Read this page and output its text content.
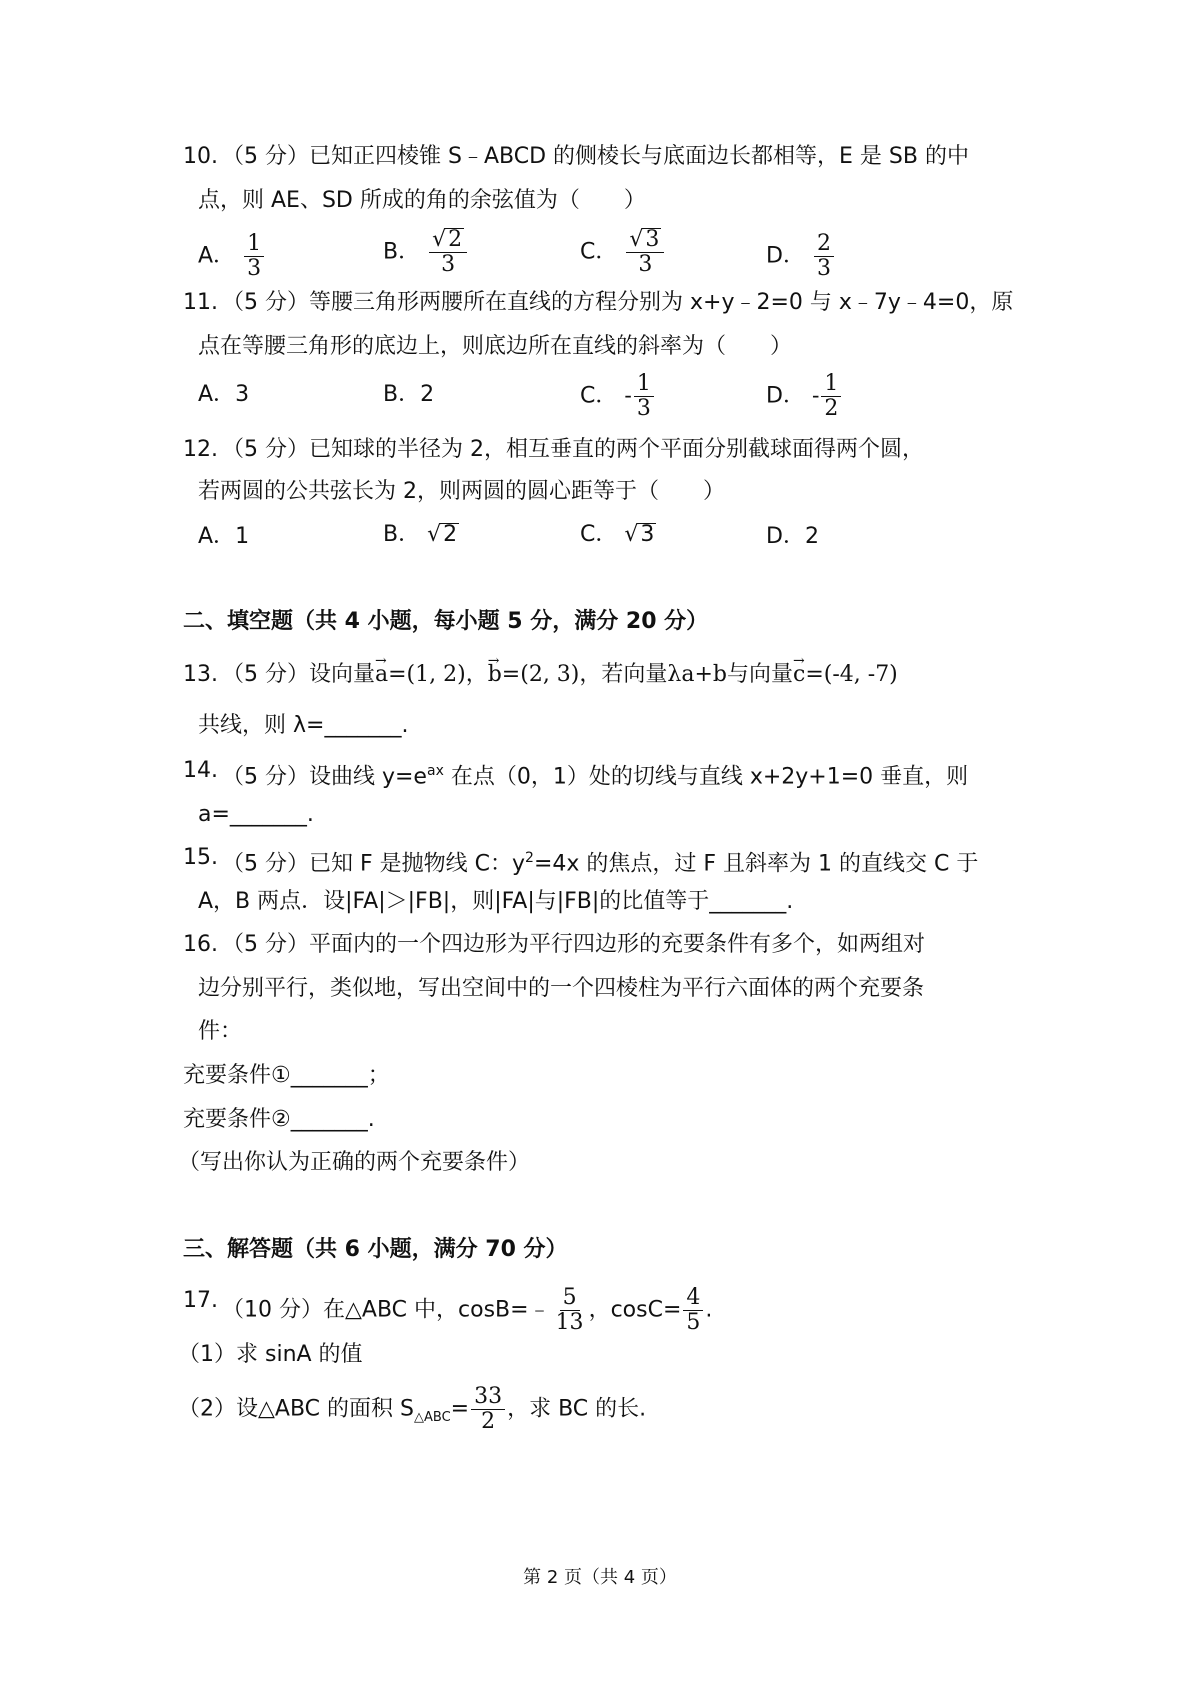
10. （5 分）已知正四棱锥 S﹣ABCD 的侧棱长与底面边长都相等，E 是 SB 的中
点，则 AE、SD 所成的角的余弦值为（　　）
A． $\frac{1}{3}$	B． $\frac{√ 2}{3}$	C． $\frac{√ 3}{3}$	D． $\frac{2}{3}$
11. （5 分）等腰三角形两腰所在直线的方程分别为 x+y﹣2=0 与 x﹣7y﹣4=0，原
点在等腰三角形的底边上，则底边所在直线的斜率为（　　）
A．3	B．2	C． - $\frac{1}{3}$	D． - $\frac{1}{2}$
12. （5 分）已知球的半径为 2，相互垂直的两个平面分别截球面得两个圆，
若两圆的公共弦长为 2，则两圆的圆心距等于（　　）
A．1	B． √ 2	C． √ 3	D．2
二、填空题（共 4 小题，每小题 5 分，满分 20 分）
13. （5 分）设向量→ a=(1, 2)，→ b=(2, 3)，若向量λa+b与向量→ c=(-4, -7)
共线，则 λ=_______.
14. （5 分）设曲线 $y=e^{ax}$ 在点（0，1）处的切线与直线 x+2y+1=0 垂直，则
a=_______.
15. （5 分）已知 F 是抛物线 C：$y^2=4x$ 的焦点，过 F 且斜率为 1 的直线交 C 于
A，B 两点．设|FA|＞|FB|，则|FA|与|FB|的比值等于_______.
16. （5 分）平面内的一个四边形为平行四边形的充要条件有多个，如两组对
边分别平行，类似地，写出空间中的一个四棱柱为平行六面体的两个充要条
件：
充要条件①_______；
充要条件②_______.
（写出你认为正确的两个充要条件）
三、解答题（共 6 小题，满分 70 分）
17. （10 分）在△ABC 中，cosB=﹣ $\frac{5}{13}$ ，$\cos C= \frac{4}{5}$ .
（1）求 sinA 的值
（2）设△ABC 的面积 $S_{\triangle ABC}= \frac{33}{2}$ ，求 BC 的长.
第 2 页（共 4 页）
